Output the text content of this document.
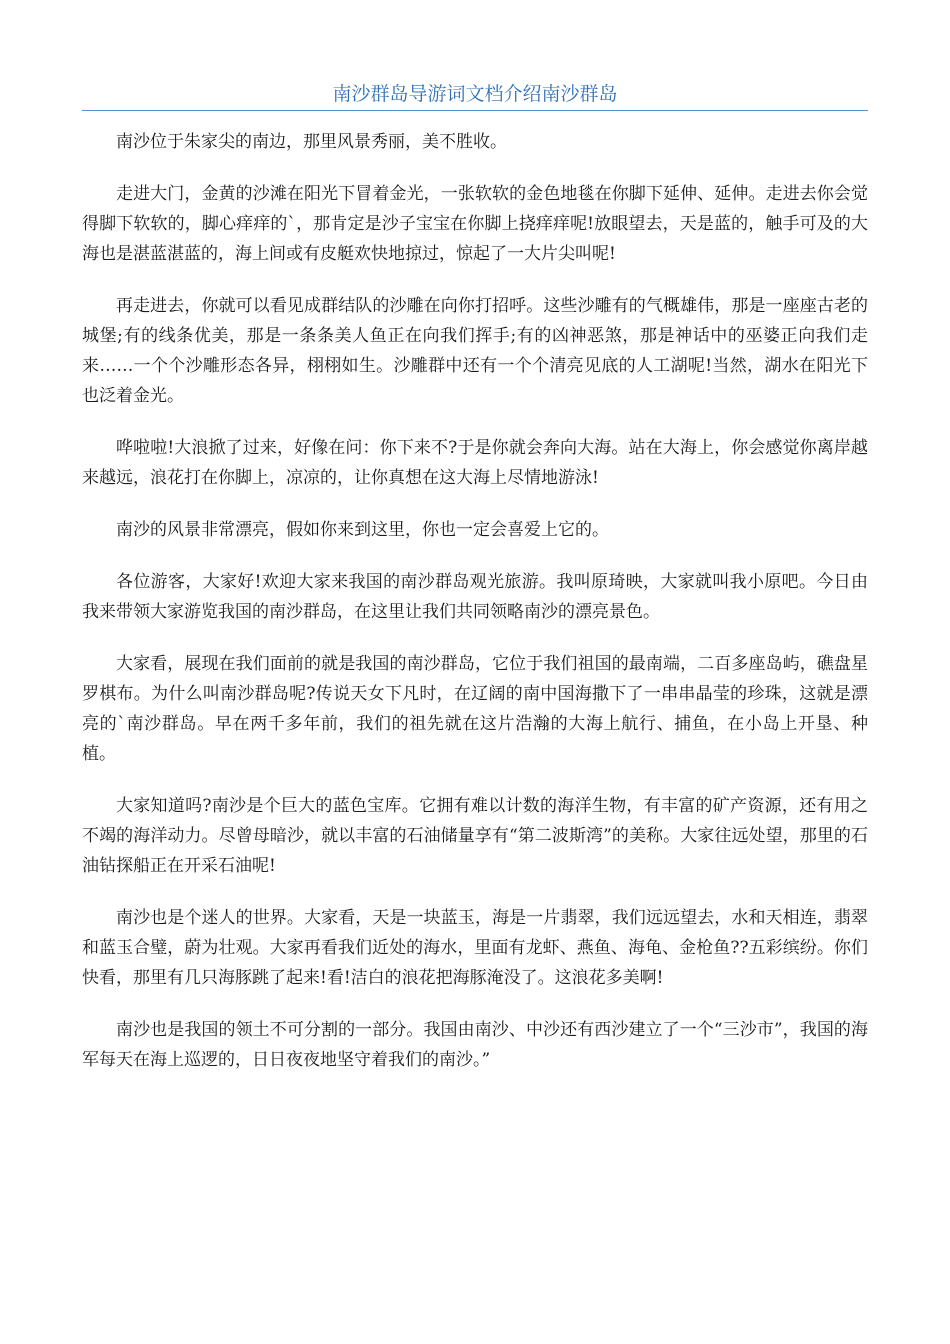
南沙群岛导游词文档介绍南沙群岛

南沙位于朱家尖的南边，那里风景秀丽，美不胜收。

走进大门，金黄的沙滩在阳光下冒着金光，一张软软的金色地毯在你脚下延伸、延伸。走进去你会觉得脚下软软的，脚心痒痒的`，那肯定是沙子宝宝在你脚上挠痒痒呢!放眼望去，天是蓝的，触手可及的大海也是湛蓝湛蓝的，海上间或有皮艇欢快地掠过，惊起了一大片尖叫呢!

再走进去，你就可以看见成群结队的沙雕在向你打招呼。这些沙雕有的气概雄伟，那是一座座古老的城堡;有的线条优美，那是一条条美人鱼正在向我们挥手;有的凶神恶煞，那是神话中的巫婆正向我们走来……一个个沙雕形态各异，栩栩如生。沙雕群中还有一个个清亮见底的人工湖呢!当然，湖水在阳光下也泛着金光。

哗啦啦!大浪掀了过来，好像在问：你下来不?于是你就会奔向大海。站在大海上，你会感觉你离岸越来越远，浪花打在你脚上，凉凉的，让你真想在这大海上尽情地游泳!

南沙的风景非常漂亮，假如你来到这里，你也一定会喜爱上它的。

各位游客，大家好!欢迎大家来我国的南沙群岛观光旅游。我叫原琦映，大家就叫我小原吧。今日由我来带领大家游览我国的南沙群岛，在这里让我们共同领略南沙的漂亮景色。

大家看，展现在我们面前的就是我国的南沙群岛，它位于我们祖国的最南端，二百多座岛屿，礁盘星罗棋布。为什么叫南沙群岛呢?传说天女下凡时，在辽阔的南中国海撒下了一串串晶莹的珍珠，这就是漂亮的`南沙群岛。早在两千多年前，我们的祖先就在这片浩瀚的大海上航行、捕鱼，在小岛上开垦、种植。

大家知道吗?南沙是个巨大的蓝色宝库。它拥有难以计数的海洋生物，有丰富的矿产资源，还有用之不竭的海洋动力。尽曾母暗沙，就以丰富的石油储量享有“第二波斯湾”的美称。大家往远处望，那里的石油钻探船正在开采石油呢!

南沙也是个迷人的世界。大家看，天是一块蓝玉，海是一片翡翠，我们远远望去，水和天相连，翡翠和蓝玉合璧，蔚为壮观。大家再看我们近处的海水，里面有龙虾、燕鱼、海龟、金枪鱼??五彩缤纷。你们快看，那里有几只海豚跳了起来!看!洁白的浪花把海豚淹没了。这浪花多美啊!

南沙也是我国的领土不可分割的一部分。我国由南沙、中沙还有西沙建立了一个“三沙市”，我国的海军每天在海上巡逻的，日日夜夜地坚守着我们的南沙。”
